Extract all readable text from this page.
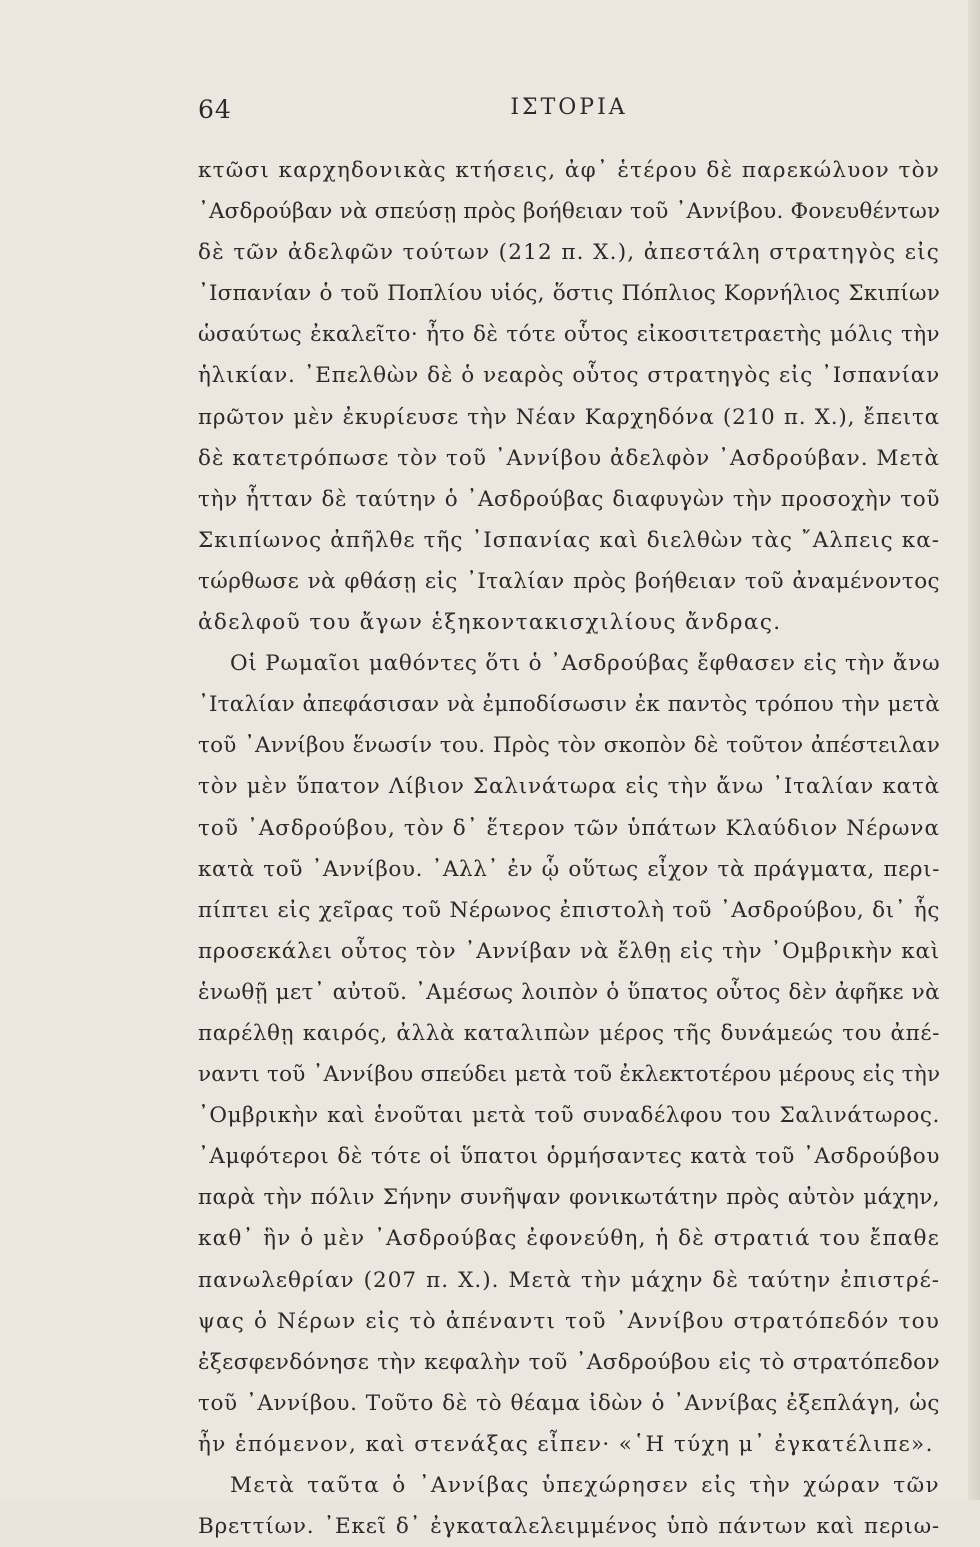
64	ΙΣΤΟΡΙΑ
κτῶσι καρχηδονικὰς κτήσεις, ἀφ᾽ ἑτέρου δὲ παρεκώλυον τὸν
᾽Ασδρούβαν νὰ σπεύσῃ πρὸς βοήθειαν τοῦ ᾽Αννίβου. Φονευθέντων
δὲ τῶν ἀδελφῶν τούτων (212 π. Χ.), ἀπεστάλη στρατηγὸς εἰς
᾽Ισπανίαν ὁ τοῦ Ποπλίου υἱός, ὅστις Πόπλιος Κορνήλιος Σκιπίων
ὡσαύτως ἐκαλεῖτο· ἦτο δὲ τότε οὗτος εἰκοσιτετραετὴς μόλις τὴν
ἡλικίαν. ᾽Επελθὼν δὲ ὁ νεαρὸς οὗτος στρατηγὸς εἰς ᾽Ισπανίαν
πρῶτον μὲν ἐκυρίευσε τὴν Νέαν Καρχηδόνα (210 π. Χ.), ἔπειτα
δὲ κατετρόπωσε τὸν τοῦ ᾽Αννίβου ἀδελφὸν ᾽Ασδρούβαν. Μετὰ
τὴν ἧτταν δὲ ταύτην ὁ ᾽Ασδρούβας διαφυγὼν τὴν προσοχὴν τοῦ
Σκιπίωνος ἀπῆλθε τῆς ᾽Ισπανίας καὶ διελθὼν τὰς ῎Αλπεις κα-
τώρθωσε νὰ φθάσῃ εἰς ᾽Ιταλίαν πρὸς βοήθειαν τοῦ ἀναμένοντος
ἀδελφοῦ του ἄγων ἑξηκοντακισχιλίους ἄνδρας.
Οἱ Ρωμαῖοι μαθόντες ὅτι ὁ ᾽Ασδρούβας ἔφθασεν εἰς τὴν ἄνω
᾽Ιταλίαν ἀπεφάσισαν νὰ ἐμποδίσωσιν ἐκ παντὸς τρόπου τὴν μετὰ
τοῦ ᾽Αννίβου ἕνωσίν του. Πρὸς τὸν σκοπὸν δὲ τοῦτον ἀπέστειλαν
τὸν μὲν ὕπατον Λίβιον Σαλινάτωρα εἰς τὴν ἄνω ᾽Ιταλίαν κατὰ
τοῦ ᾽Ασδρούβου, τὸν δ᾽ ἕτερον τῶν ὑπάτων Κλαύδιον Νέρωνα
κατὰ τοῦ ᾽Αννίβου. ᾽Αλλ᾽ ἐν ᾧ οὕτως εἶχον τὰ πράγματα, περι-
πίπτει εἰς χεῖρας τοῦ Νέρωνος ἐπιστολὴ τοῦ ᾽Ασδρούβου, δι᾽ ἧς
προσεκάλει οὗτος τὸν ᾽Αννίβαν νὰ ἔλθῃ εἰς τὴν ᾽Ομβρικὴν καὶ
ἑνωθῇ μετ᾽ αὐτοῦ. ᾽Αμέσως λοιπὸν ὁ ὕπατος οὗτος δὲν ἀφῆκε νὰ
παρέλθῃ καιρός, ἀλλὰ καταλιπὼν μέρος τῆς δυνάμεώς του ἀπέ-
ναντι τοῦ ᾽Αννίβου σπεύδει μετὰ τοῦ ἐκλεκτοτέρου μέρους εἰς τὴν
᾽Ομβρικὴν καὶ ἑνοῦται μετὰ τοῦ συναδέλφου του Σαλινάτωρος.
᾽Αμφότεροι δὲ τότε οἱ ὕπατοι ὁρμήσαντες κατὰ τοῦ ᾽Ασδρούβου
παρὰ τὴν πόλιν Σήνην συνῆψαν φονικωτάτην πρὸς αὐτὸν μάχην,
καθ᾽ ἣν ὁ μὲν ᾽Ασδρούβας ἐφονεύθη, ἡ δὲ στρατιά του ἔπαθε
πανωλεθρίαν (207 π. Χ.). Μετὰ τὴν μάχην δὲ ταύτην ἐπιστρέ-
ψας ὁ Νέρων εἰς τὸ ἀπέναντι τοῦ ᾽Αννίβου στρατόπεδόν του
ἐξεσφενδόνησε τὴν κεφαλὴν τοῦ ᾽Ασδρούβου εἰς τὸ στρατόπεδον
τοῦ ᾽Αννίβου. Τοῦτο δὲ τὸ θέαμα ἰδὼν ὁ ᾽Αννίβας ἐξεπλάγη, ὡς
ἦν ἑπόμενον, καὶ στενάξας εἶπεν· «῾Η τύχη μ᾽ ἐγκατέλιπε».
Μετὰ ταῦτα ὁ ᾽Αννίβας ὑπεχώρησεν εἰς τὴν χώραν τῶν
Βρεττίων. ᾽Εκεῖ δ᾽ ἐγκαταλελειμμένος ὑπὸ πάντων καὶ περιω-
